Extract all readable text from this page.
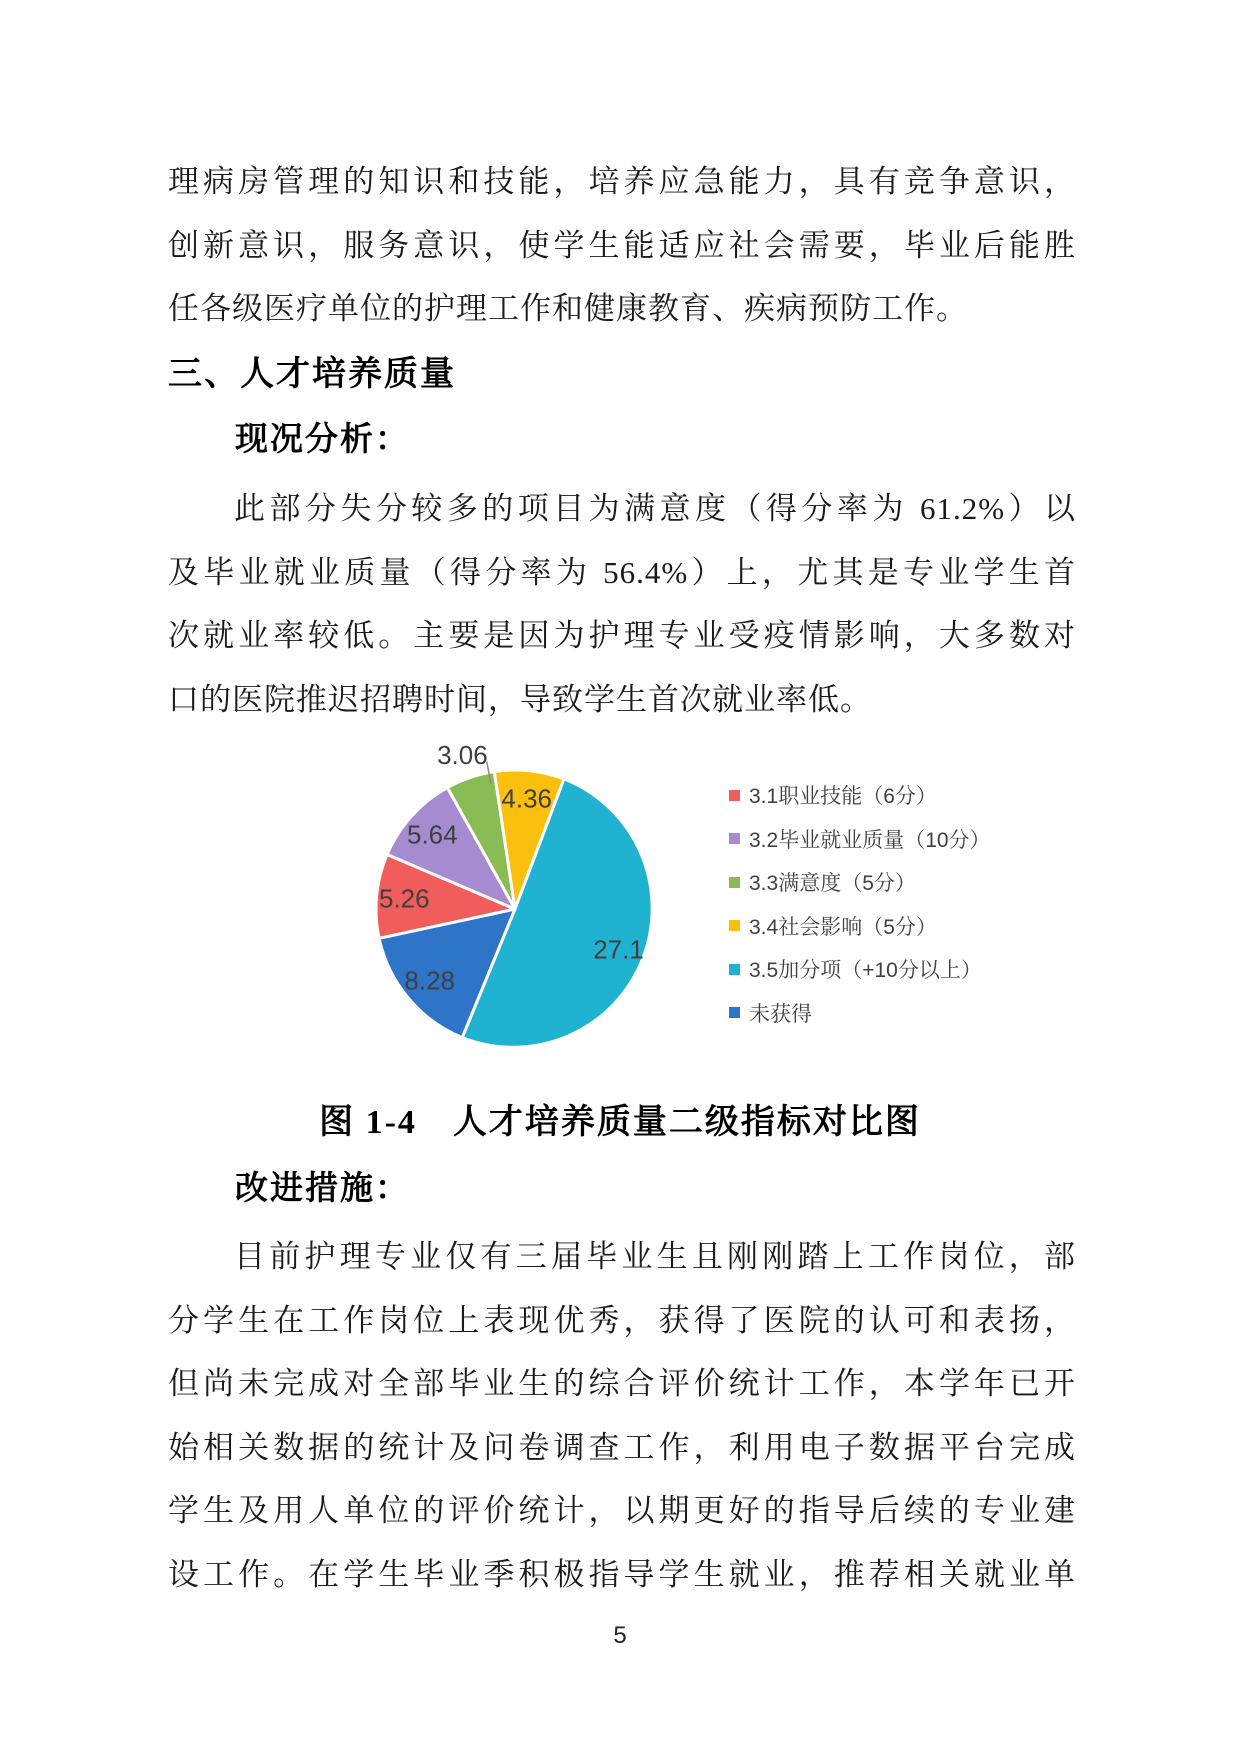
理病房管理的知识和技能，培养应急能力，具有竞争意识，
创新意识，服务意识，使学生能适应社会需要，毕业后能胜
任各级医疗单位的护理工作和健康教育、疾病预防工作。
三、人才培养质量
现况分析：
此部分失分较多的项目为满意度（得分率为 61.2%）以
及毕业就业质量（得分率为 56.4%）上，尤其是专业学生首
次就业率较低。主要是因为护理专业受疫情影响，大多数对
口的医院推迟招聘时间，导致学生首次就业率低。
4.36
27.1
8.28
5.26
5.64
3.06
3.1职业技能（6分）
3.2毕业就业质量（10分）
3.3满意度（5分）
3.4社会影响（5分）
3.5加分项（+10分以上）
未获得
图 1-4　人才培养质量二级指标对比图
改进措施：
目前护理专业仅有三届毕业生且刚刚踏上工作岗位，部
分学生在工作岗位上表现优秀，获得了医院的认可和表扬，
但尚未完成对全部毕业生的综合评价统计工作，本学年已开
始相关数据的统计及问卷调查工作，利用电子数据平台完成
学生及用人单位的评价统计，以期更好的指导后续的专业建
设工作。在学生毕业季积极指导学生就业，推荐相关就业单
5
